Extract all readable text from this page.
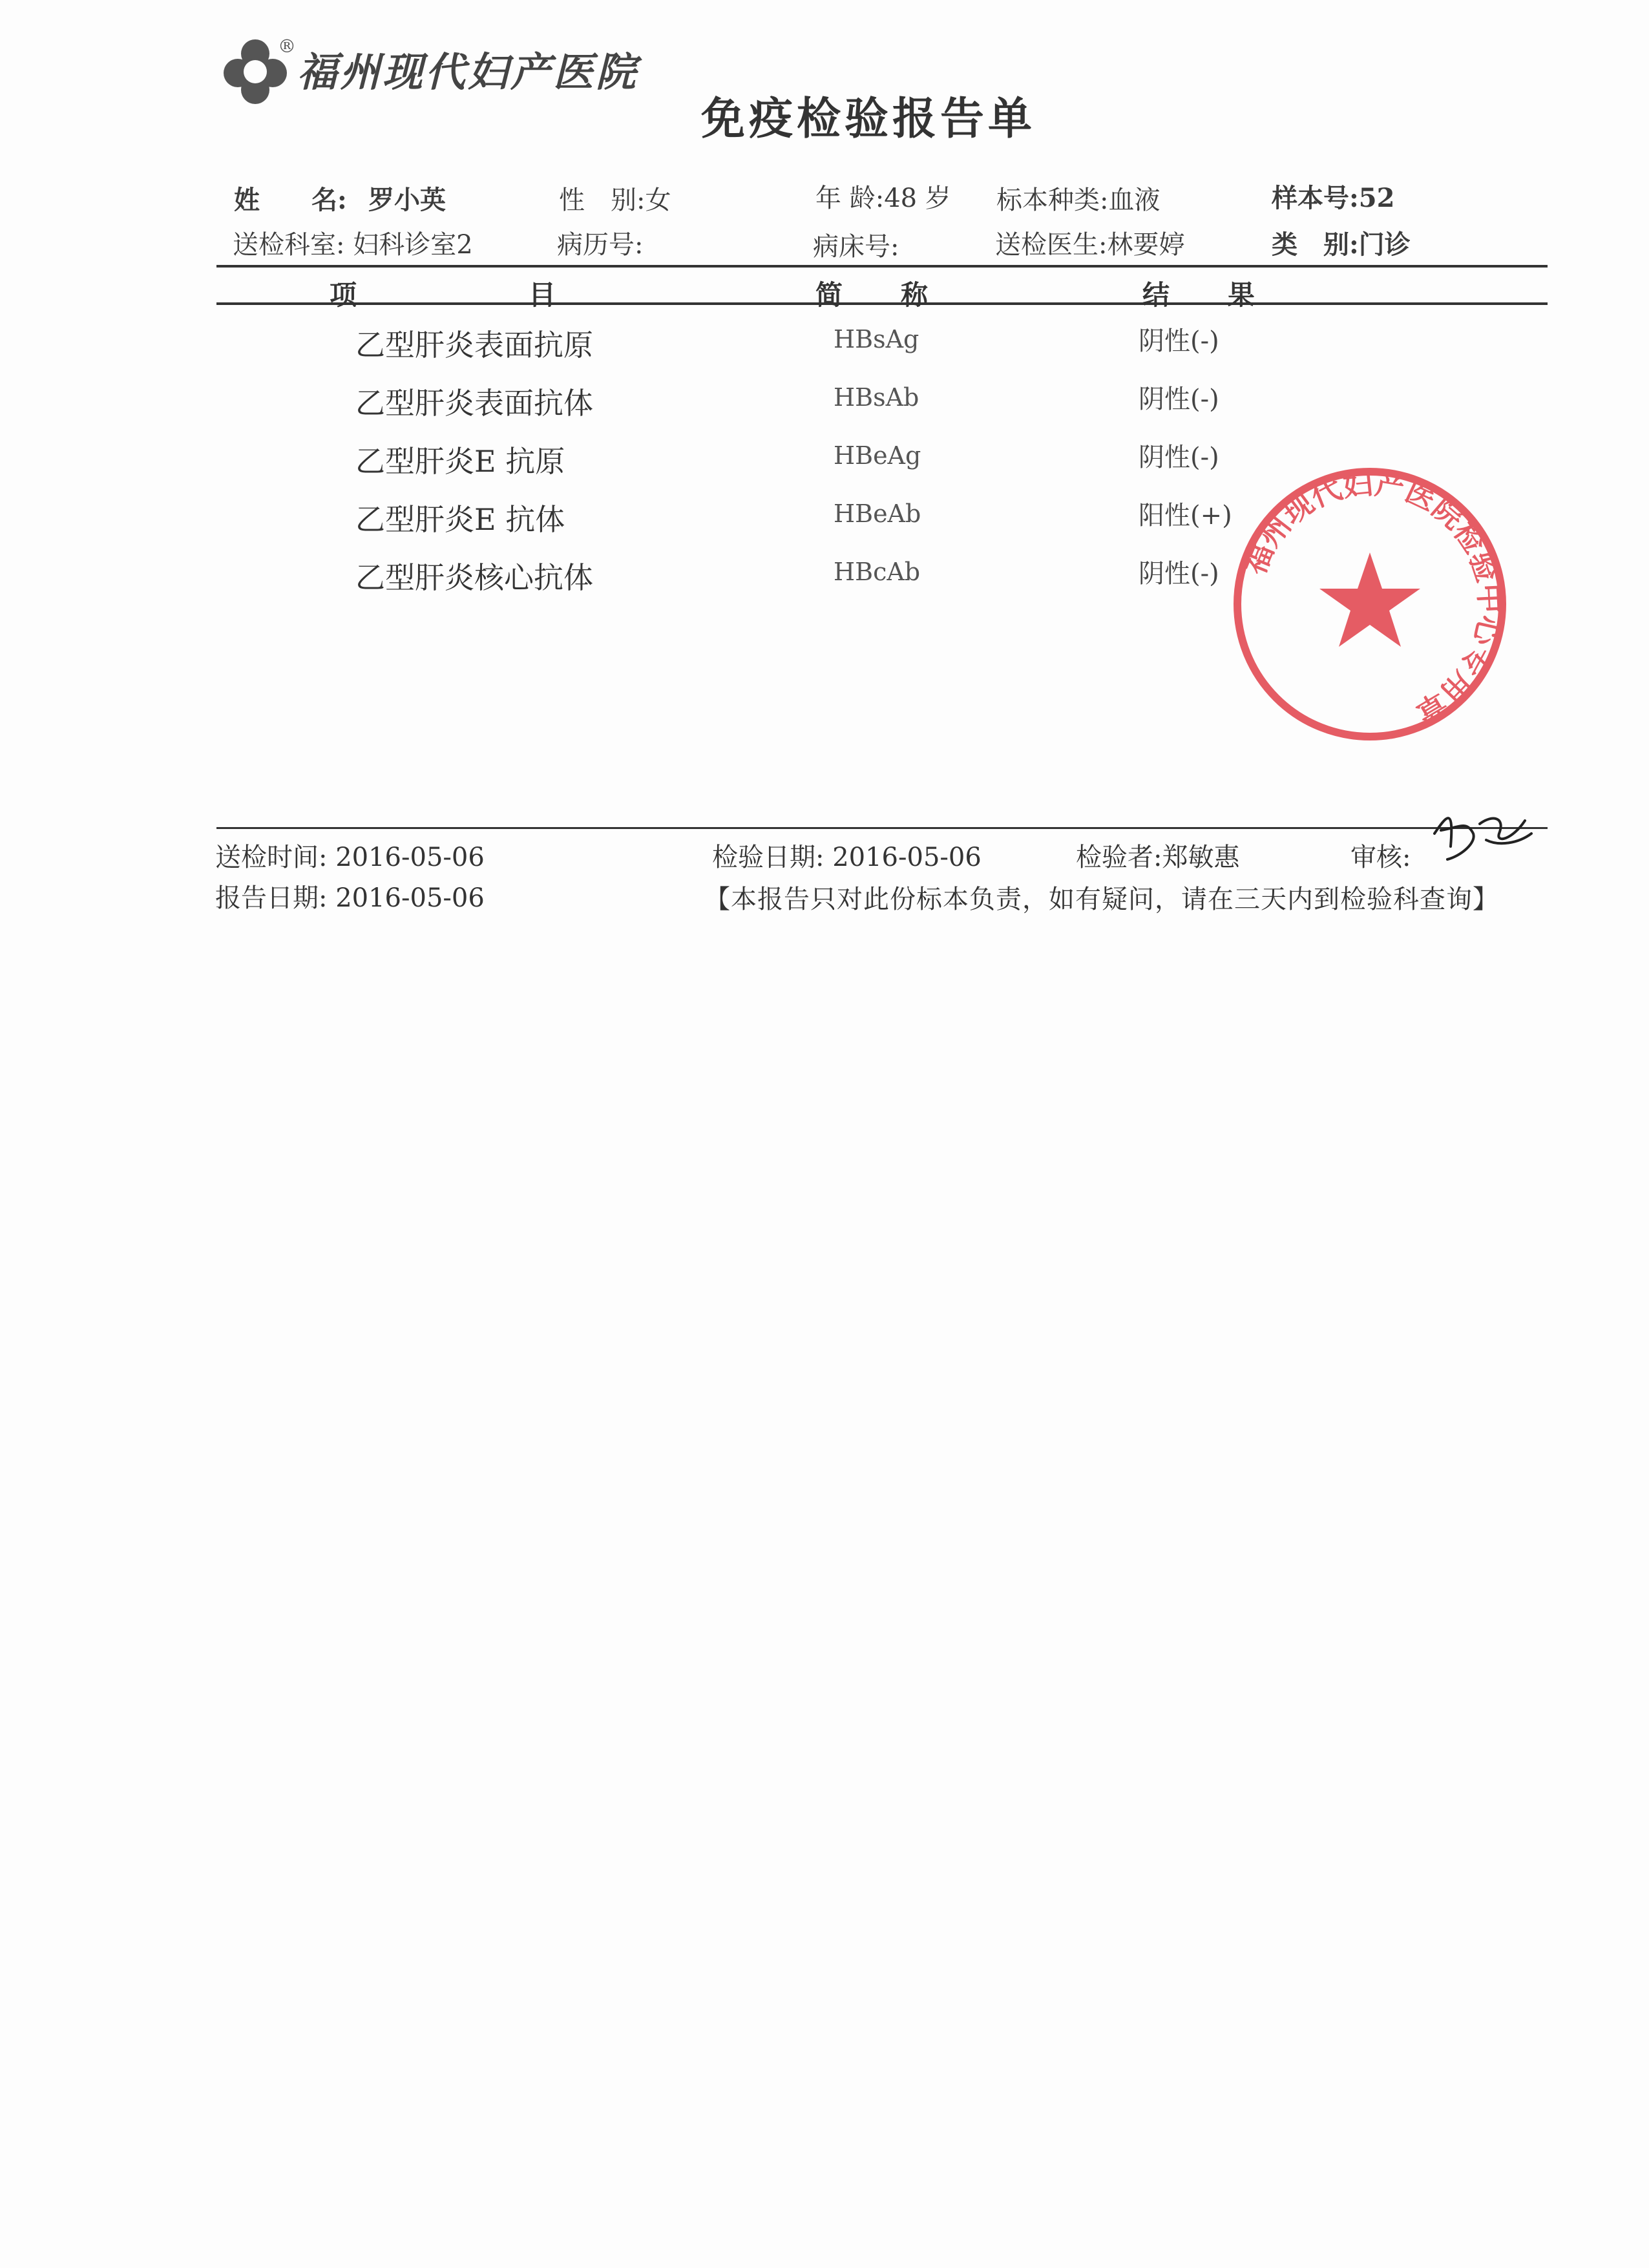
®
福州现代妇产医院
免疫检验报告单
姓　　名: 罗小英	性　别:女	年 龄:48 岁 标本种类:血液	样本号:52
送检科室: 妇科诊室2	病历号:	病床号:	送检医生:林要婷	类　别:门诊
项　　　　　　目	简　　称	结　　果
乙型肝炎表面抗原	HBsAg	阴性(-)
乙型肝炎表面抗体	HBsAb	阴性(-)
乙型肝炎E 抗原	HBeAg	阴性(-)
乙型肝炎E 抗体	HBeAb	阳性(+)
乙型肝炎核心抗体	HBcAb	阴性(-) 福州现代妇产医院检验中心专用章
送检时间: 2016-05-06	检验日期: 2016-05-06	检验者:郑敏惠	审核:
报告日期: 2016-05-06	【本报告只对此份标本负责，如有疑问，请在三天内到检验科查询】
